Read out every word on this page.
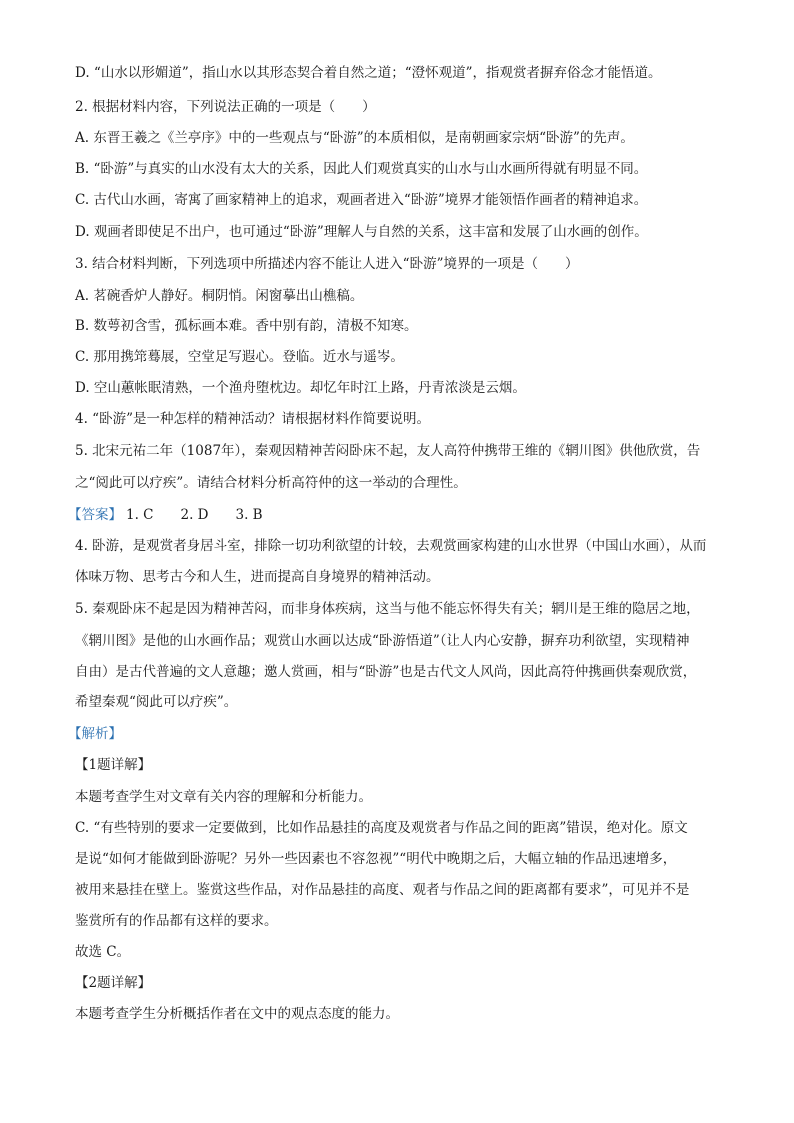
D. “山水以形媚道”，指山水以其形态契合着自然之道；“澄怀观道”，指观赏者摒弃俗念才能悟道。
2. 根据材料内容，下列说法正确的一项是（　　）
A. 东晋王羲之《兰亭序》中的一些观点与“卧游”的本质相似，是南朝画家宗炳“卧游”的先声。
B. “卧游”与真实的山水没有太大的关系，因此人们观赏真实的山水与山水画所得就有明显不同。
C. 古代山水画，寄寓了画家精神上的追求，观画者进入“卧游”境界才能领悟作画者的精神追求。
D. 观画者即使足不出户，也可通过“卧游”理解人与自然的关系，这丰富和发展了山水画的创作。
3. 结合材料判断，下列选项中所描述内容不能让人进入“卧游”境界的一项是（　　）
A. 茗碗香炉人静好。桐阴悄。闲窗摹出山樵稿。
B. 数萼初含雪，孤标画本难。香中别有韵，清极不知寒。
C. 那用携筇蓦展，空堂足写遐心。登临。近水与遥岑。
D. 空山蕙帐眠清熟，一个渔舟堕枕边。却忆年时江上路，丹青浓淡是云烟。
4. “卧游”是一种怎样的精神活动？请根据材料作简要说明。
5. 北宋元祐二年（1087年），秦观因精神苦闷卧床不起，友人高符仲携带王维的《辋川图》供他欣赏，告
之“阅此可以疗疾”。请结合材料分析高符仲的这一举动的合理性。
【答案】 1. C　　2. D　　3. B
4. 卧游，是观赏者身居斗室，排除一切功利欲望的计较，去观赏画家构建的山水世界（中国山水画），从而
体味万物、思考古今和人生，进而提高自身境界的精神活动。
5. 秦观卧床不起是因为精神苦闷，而非身体疾病，这当与他不能忘怀得失有关；辋川是王维的隐居之地，
《辋川图》是他的山水画作品；观赏山水画以达成“卧游悟道”（让人内心安静，摒弃功利欲望，实现精神
自由）是古代普遍的文人意趣；邀人赏画，相与“卧游”也是古代文人风尚，因此高符仲携画供秦观欣赏，
希望秦观“阅此可以疗疾”。
【解析】
【1题详解】
本题考查学生对文章有关内容的理解和分析能力。
C. “有些特别的要求一定要做到，比如作品悬挂的高度及观赏者与作品之间的距离”错误，绝对化。原文
是说“如何才能做到卧游呢？另外一些因素也不容忽视”“明代中晚期之后，大幅立轴的作品迅速增多，
被用来悬挂在壁上。鉴赏这些作品，对作品悬挂的高度、观者与作品之间的距离都有要求”，可见并不是
鉴赏所有的作品都有这样的要求。
故选 C。
【2题详解】
本题考查学生分析概括作者在文中的观点态度的能力。
